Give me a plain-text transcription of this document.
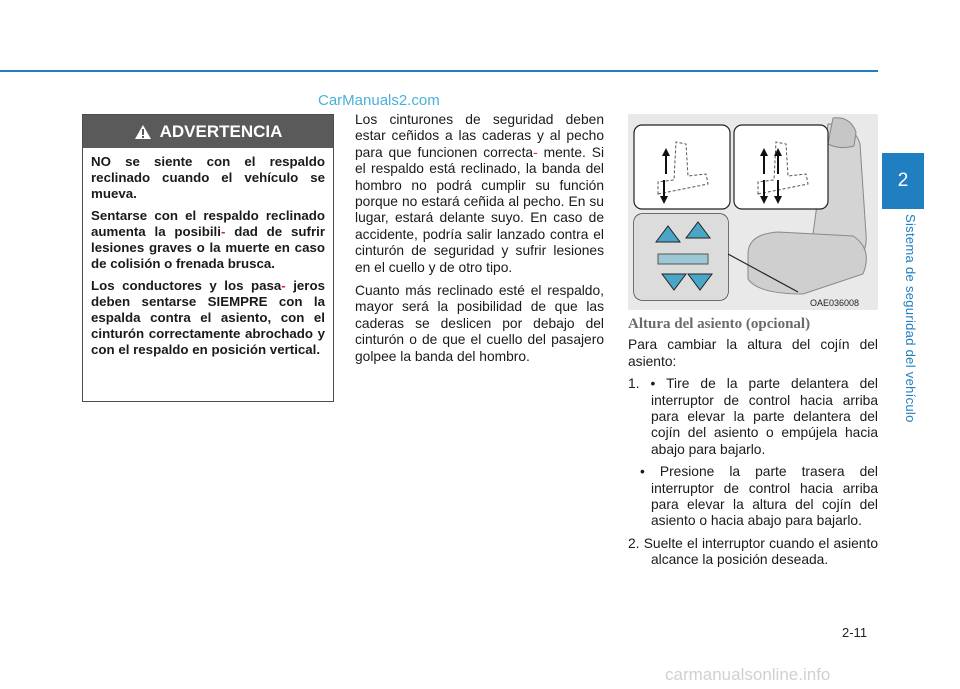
CarManuals2.com
2
Sistema de seguridad del vehículo
ADVERTENCIA

NO se siente con el respaldo reclinado cuando el vehículo se mueva.

Sentarse con el respaldo reclinado aumenta la posibili- dad de sufrir lesiones graves o la muerte en caso de colisión o frenada brusca.

Los conductores y los pasa- jeros deben sentarse SIEMPRE con la espalda contra el asiento, con el cinturón correctamente abrochado y con el respaldo en posición vertical.

Los cinturones de seguridad deben estar ceñidos a las caderas y al pecho para que funcionen correcta- mente. Si el respaldo está reclinado, la banda del hombro no podrá cumplir su función porque no estará ceñida al pecho. En su lugar, estará delante suyo. En caso de accidente, podría salir lanzado contra el cinturón de seguridad y sufrir lesiones en el cuello y de otro tipo.

Cuanto más reclinado esté el respaldo, mayor será la posibilidad de que las caderas se deslicen por debajo del cinturón o de que el cuello del pasajero golpee la banda del hombro.

OAE036008
Altura del asiento (opcional)

Para cambiar la altura del cojín del asiento:

1. • Tire de la parte delantera del interruptor de control hacia arriba para elevar la parte delantera del cojín del asiento o empújela hacia abajo para bajarlo.
• Presione la parte trasera del interruptor de control hacia arriba para elevar la altura del cojín del asiento o hacia abajo para bajarlo.
2. Suelte el interruptor cuando el asiento alcance la posición deseada.
2-11
carmanualsonline.info
